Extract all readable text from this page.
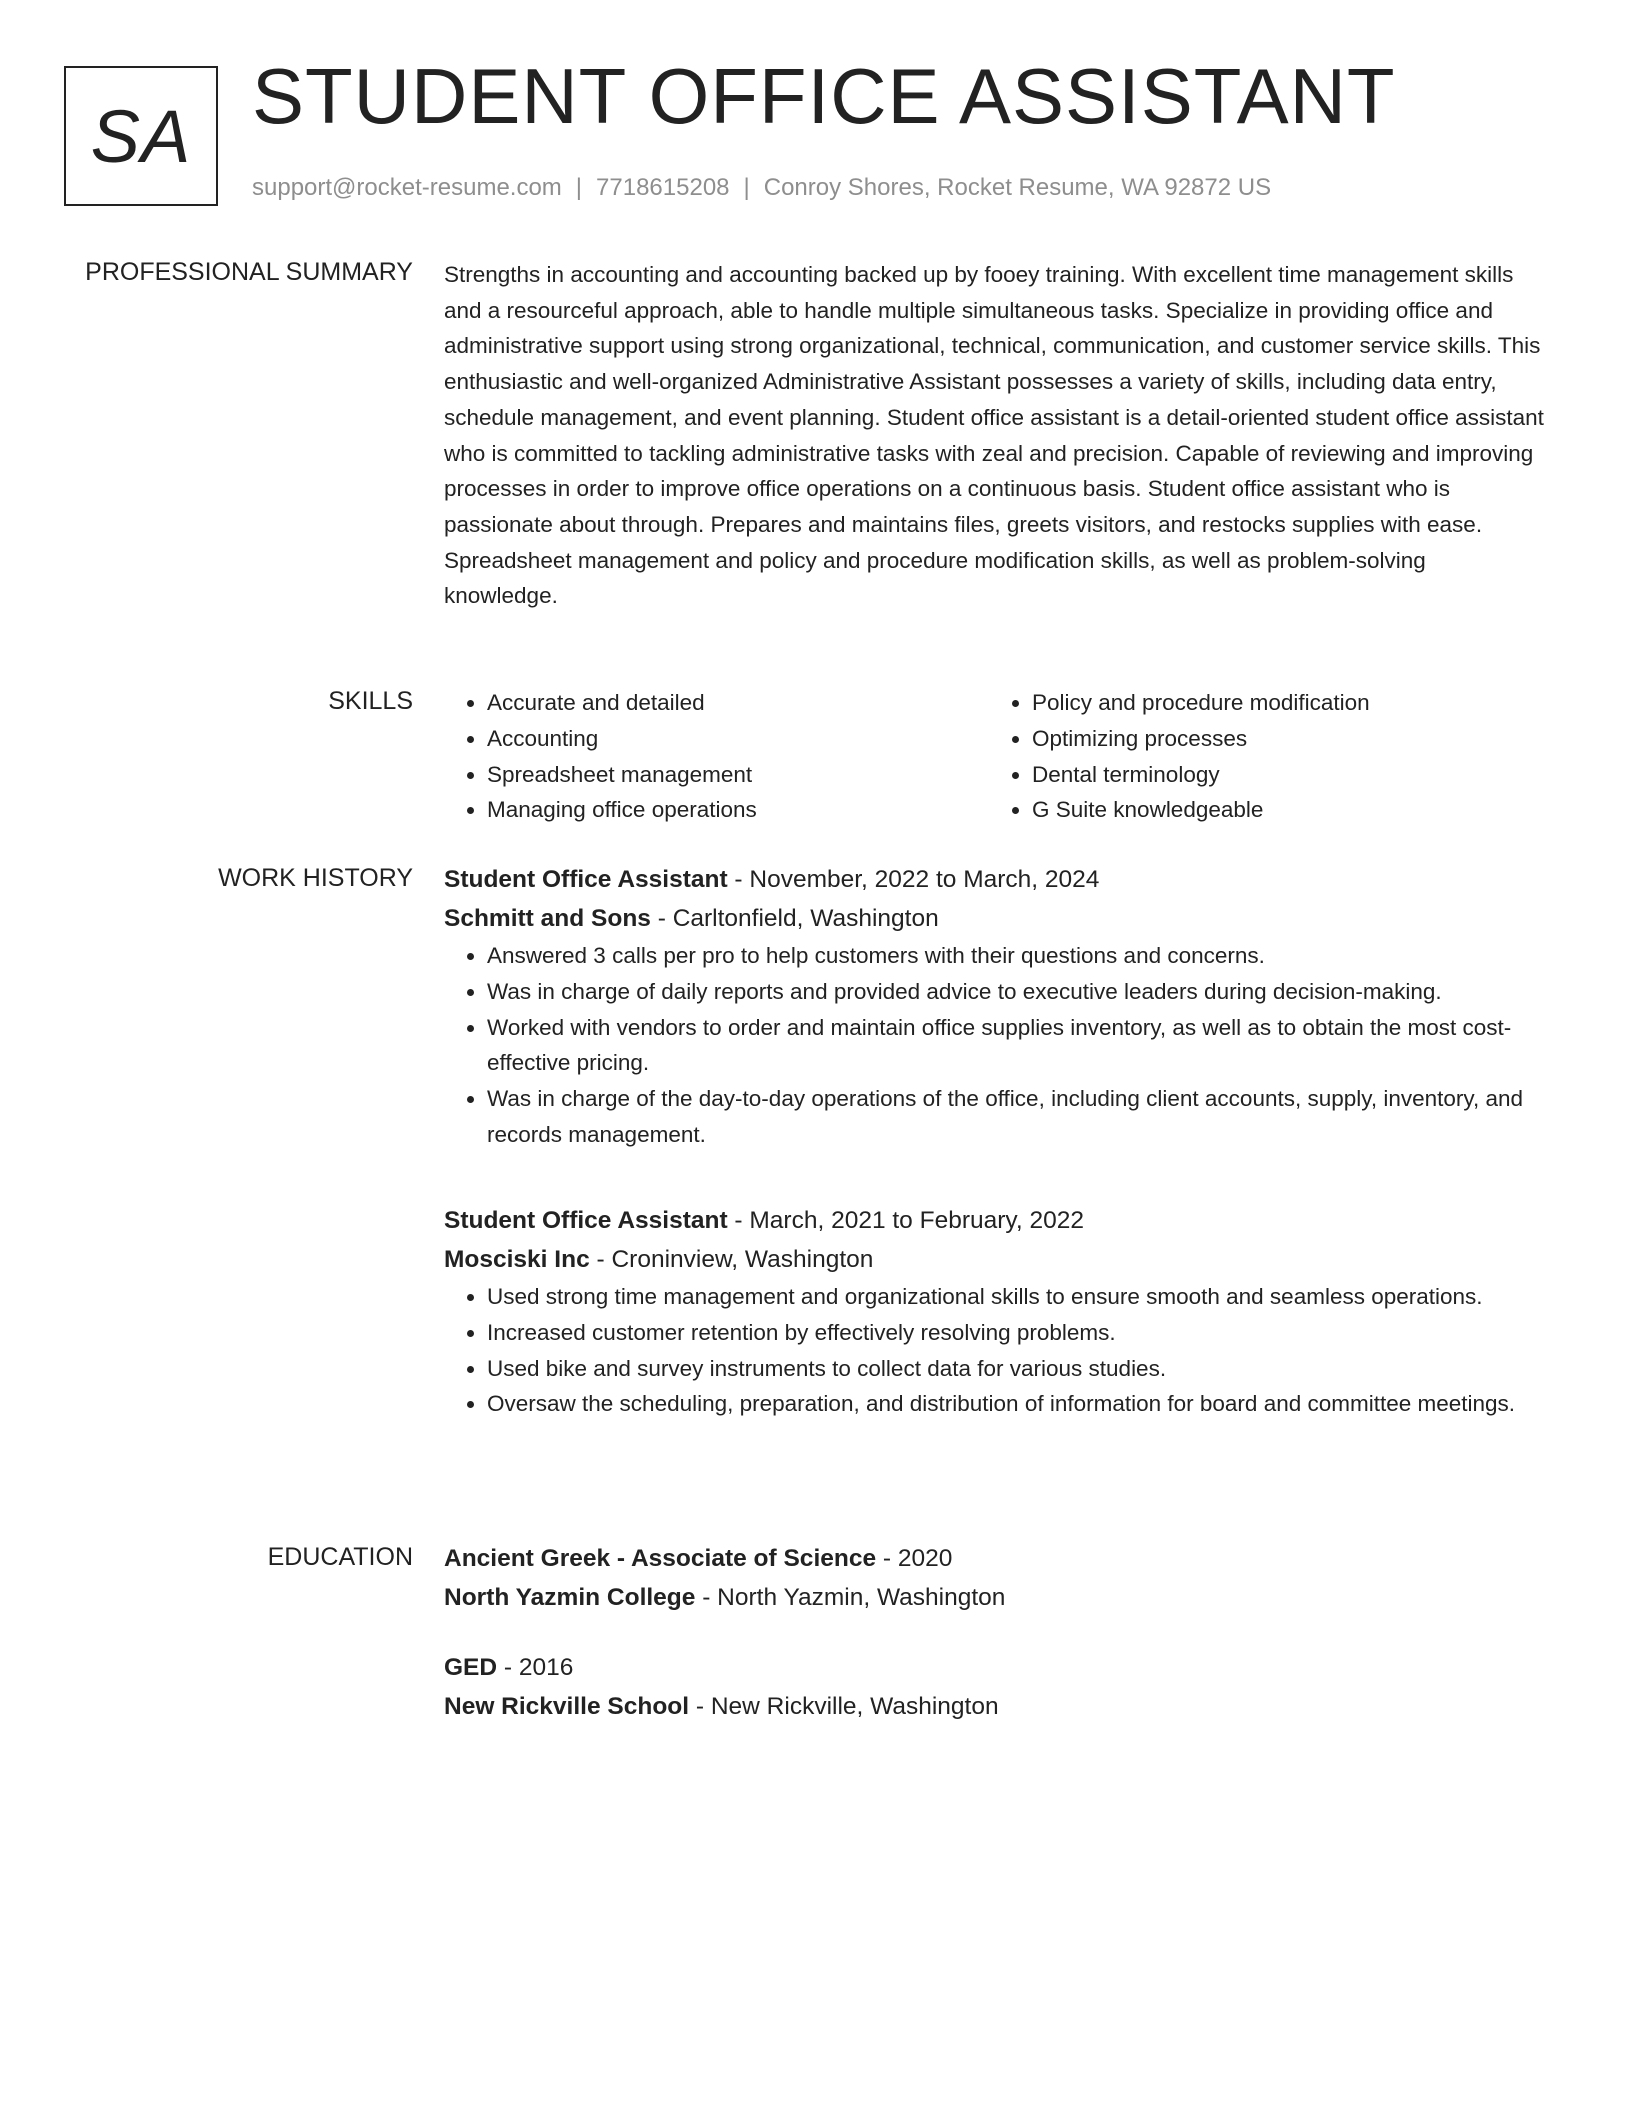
SA STUDENT OFFICE ASSISTANT
support@rocket-resume.com | 7718615208 | Conroy Shores, Rocket Resume, WA 92872 US
PROFESSIONAL SUMMARY Strengths in accounting and accounting backed up by fooey training. With excellent time management skills and a resourceful approach, able to handle multiple simultaneous tasks. Specialize in providing office and administrative support using strong organizational, technical, communication, and customer service skills. This enthusiastic and well-organized Administrative Assistant possesses a variety of skills, including data entry, schedule management, and event planning. Student office assistant is a detail-oriented student office assistant who is committed to tackling administrative tasks with zeal and precision. Capable of reviewing and improving processes in order to improve office operations on a continuous basis. Student office assistant who is passionate about through. Prepares and maintains files, greets visitors, and restocks supplies with ease. Spreadsheet management and policy and procedure modification skills, as well as problem-solving knowledge.

SKILLS
•	Accurate and detailed
• Accounting
• Spreadsheet management
• Managing office operations
• Policy and procedure modification
• Optimizing processes
• Dental terminology
• G Suite knowledgeable
WORK HISTORY Student Office Assistant - November, 2022 to March, 2024
Schmitt and Sons - Carltonfield, Washington
• Answered 3 calls per pro to help customers with their questions and concerns.
• Was in charge of daily reports and provided advice to executive leaders during decision-making.
• Worked with vendors to order and maintain office supplies inventory, as well as to obtain the most cost-effective pricing.
• Was in charge of the day-to-day operations of the office, including client accounts, supply, inventory, and records management.
Student Office Assistant - March, 2021 to February, 2022
Mosciski Inc - Croninview, Washington
• Used strong time management and organizational skills to ensure smooth and seamless operations.
• Increased customer retention by effectively resolving problems.
• Used bike and survey instruments to collect data for various studies.
• Oversaw the scheduling, preparation, and distribution of information for board and committee meetings.
EDUCATION Ancient Greek - Associate of Science - 2020
North Yazmin College - North Yazmin, Washington
GED - 2016
New Rickville School - New Rickville, Washington
